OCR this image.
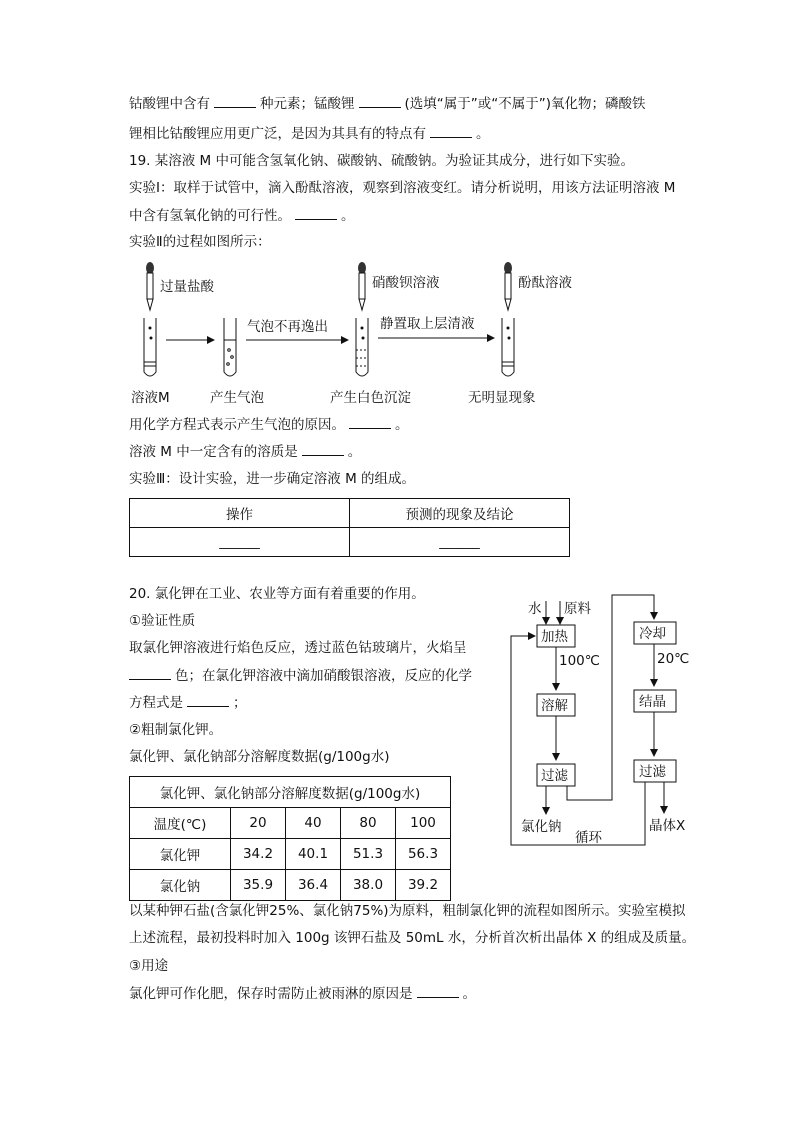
钴酸锂中含有	种元素；锰酸锂	(选填“属于”或“不属于”)氧化物；磷酸铁
锂相比钴酸锂应用更广泛，是因为其具有的特点有	。
19. 某溶液 M 中可能含氢氧化钠、碳酸钠、硫酸钠。为验证其成分，进行如下实验。
实验Ⅰ：取样于试管中，滴入酚酞溶液，观察到溶液变红。请分析说明，用该方法证明溶液 M
中含有氢氧化钠的可行性。	。
实验Ⅱ的过程如图所示：
用化学方程式表示产生气泡的原因。	。
溶液 M 中一定含有的溶质是	。
实验Ⅲ：设计实验，进一步确定溶液 M 的组成。
操作	预测的现象及结论
______	______
20. 氯化钾在工业、农业等方面有着重要的作用。
①验证性质
取氯化钾溶液进行焰色反应，透过蓝色钴玻璃片，火焰呈
色；在氯化钾溶液中滴加硝酸银溶液，反应的化学
方程式是	；
②粗制氯化钾。
氯化钾、氯化钠部分溶解度数据(g/100g水)
氯化钾、氯化钠部分溶解度数据(g/100g水)				
温度(℃)	20	40	80	100
氯化钾	34.2	40.1	51.3	56.3
氯化钠	35.9	36.4	38.0	39.2
以某种钾石盐(含氯化钾25%、氯化钠75%)为原料，粗制氯化钾的流程如图所示。实验室模拟
上述流程，最初投料时加入 100g 该钾石盐及 50mL 水，分析首次析出晶体 X 的组成及质量。
③用途
氯化钾可作化肥，保存时需防止被雨淋的原因是	。
过量盐酸	硝酸钡溶液	酚酞溶液
气泡不再逸出	静置取上层清液
溶液M	产生气泡	产生白色沉淀	无明显现象
水 原料
加热
100℃
溶解
过滤
氯化钠
冷却
20℃
结晶
过滤
晶体X
循环
